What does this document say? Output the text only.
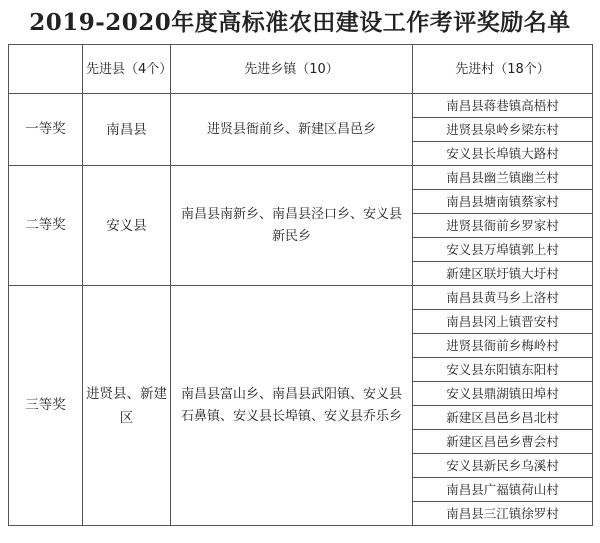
2019-2020年度高标准农田建设工作考评奖励名单

	先进县（4个）	先进乡镇（10）	先进村（18个）
一等奖	南昌县	进贤县衙前乡、新建区昌邑乡	南昌县蒋巷镇高梧村
			进贤县泉岭乡梁东村
			安义县长埠镇大路村
二等奖	安义县	南昌县南新乡、南昌县泾口乡、安义县新民乡	南昌县幽兰镇幽兰村
			南昌县塘南镇蔡家村
			进贤县衙前乡罗家村
			安义县万埠镇郭上村
			新建区联圩镇大圩村
三等奖	进贤县、新建区	南昌县富山乡、南昌县武阳镇、安义县石鼻镇、安义县长埠镇、安义县乔乐乡	南昌县黄马乡上洛村
			南昌县冈上镇晋安村
			进贤县衙前乡梅岭村
			安义县东阳镇东阳村
			安义县鼎湖镇田埠村
			新建区昌邑乡昌北村
			新建区昌邑乡曹会村
			安义县新民乡乌溪村
			南昌县广福镇荷山村
			南昌县三江镇徐罗村
